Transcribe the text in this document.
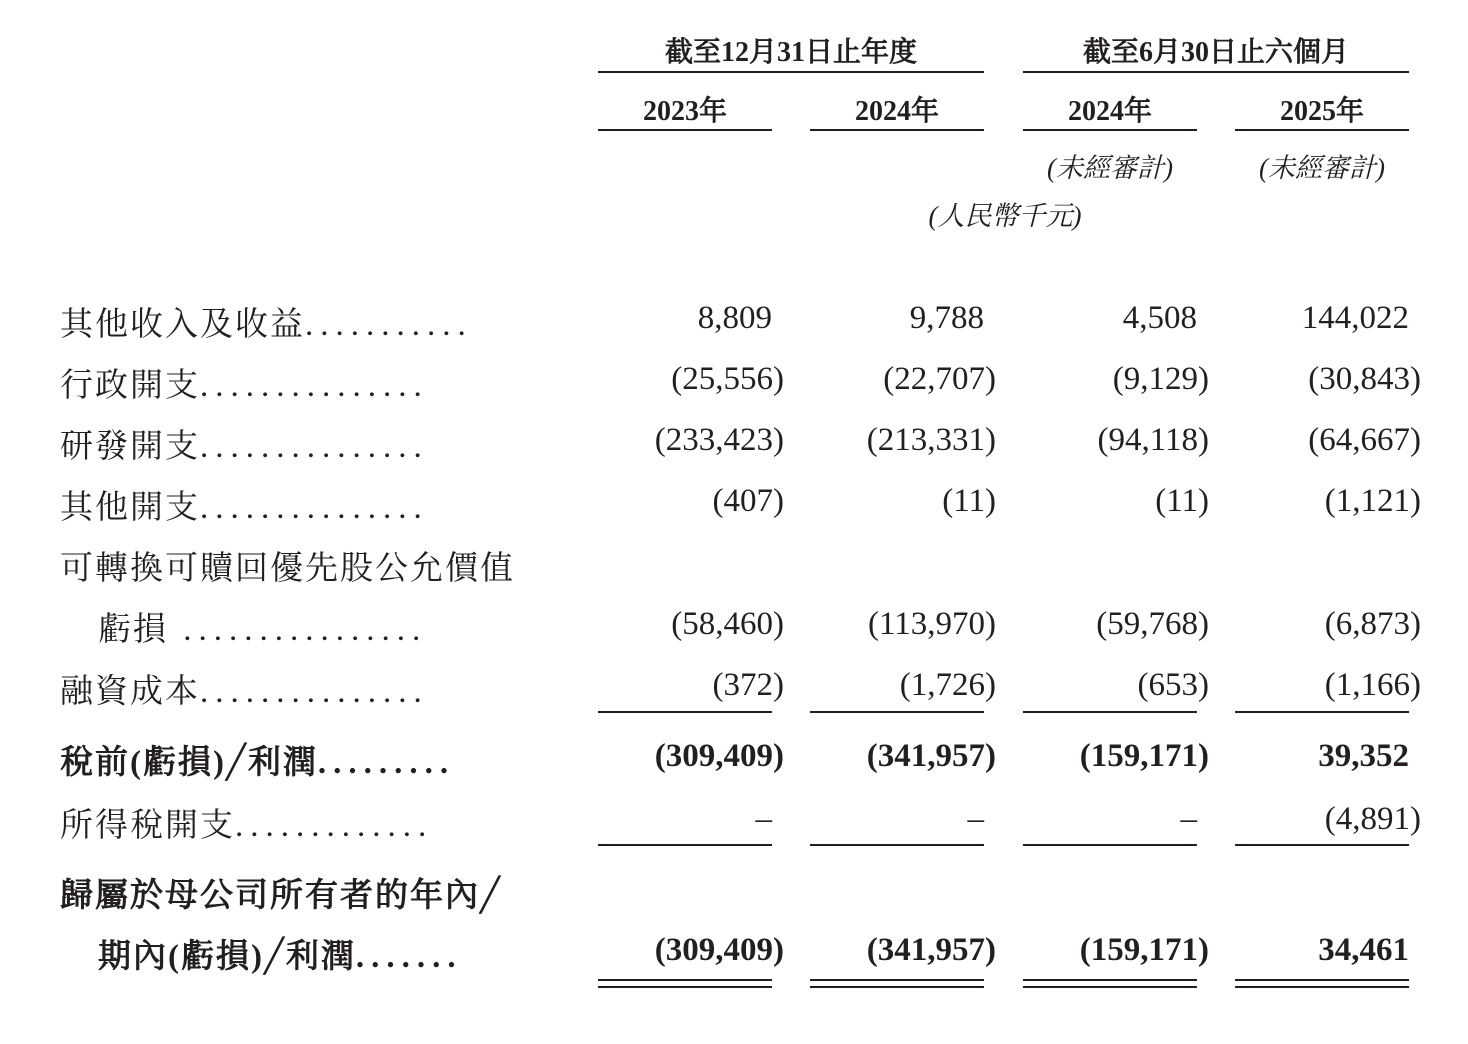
截至12月31日止年度	截至6月30日止六個月
2023年	2024年	2024年	2025年
(未經審計)	(未經審計)
(人民幣千元)
其他收入及收益...........	8,809	9,788	4,508	144,022
行政開支...............	(25,556)	(22,707)	(9,129)	(30,843)
研發開支...............	(233,423)	(213,331)	(94,118)	(64,667)
其他開支...............	(407)	(11)	(11)	(1,121)
可轉換可贖回優先股公允價值
虧損 ................	(58,460)	(113,970)	(59,768)	(6,873)
融資成本...............	(372)	(1,726)	(653)	(1,166)
稅前(虧損)╱利潤.........	(309,409)	(341,957)	(159,171)	39,352
所得稅開支.............	–	–	–	(4,891)
歸屬於母公司所有者的年內╱
期內(虧損)╱利潤.......	(309,409)	(341,957)	(159,171)	34,461
